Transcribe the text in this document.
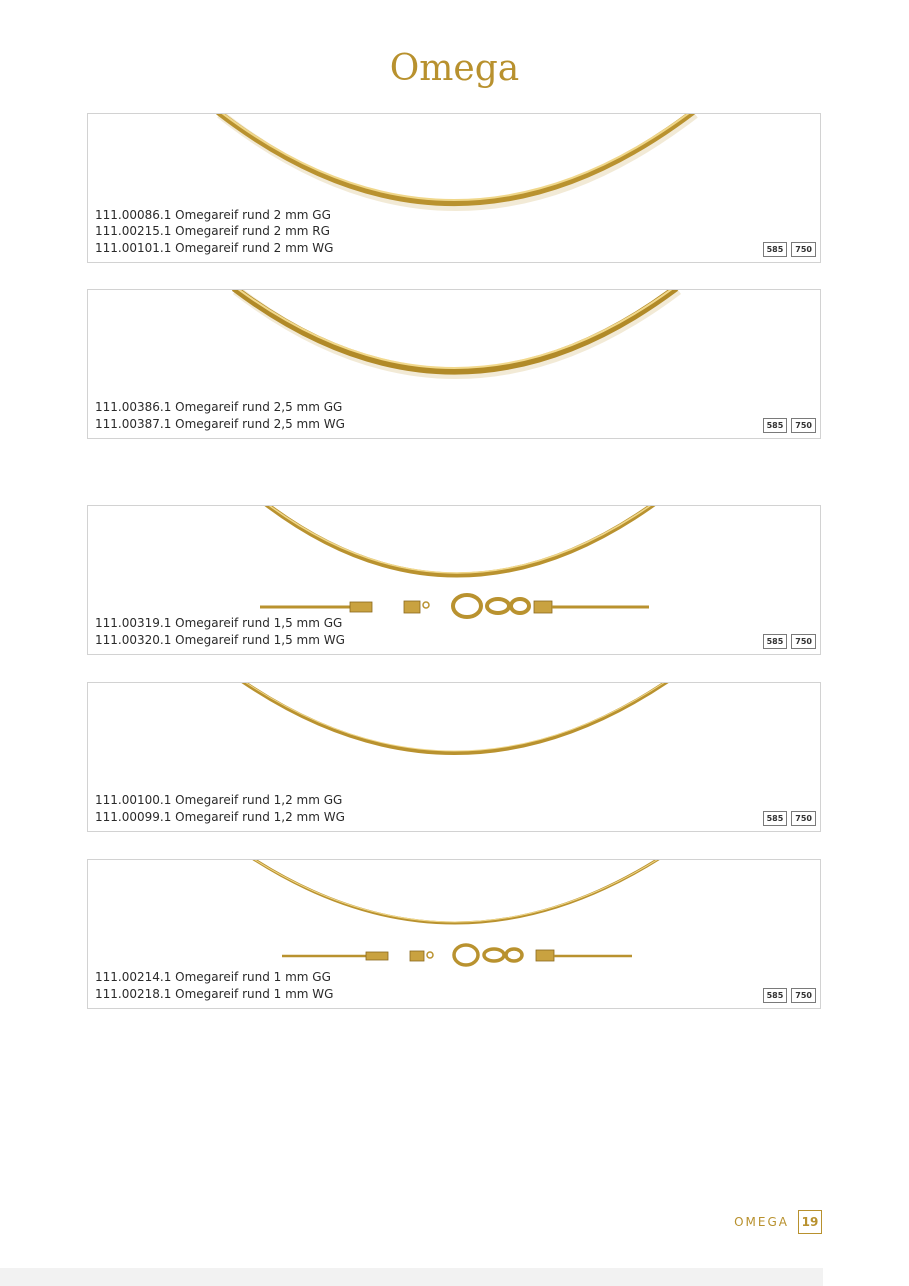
Omega
111.00086.1 Omegareif rund 2 mm GG
111.00215.1 Omegareif rund 2 mm RG
111.00101.1 Omegareif rund 2 mm WG	585	750
111.00386.1 Omegareif rund 2,5 mm GG
111.00387.1 Omegareif rund 2,5 mm WG	585	750
111.00319.1 Omegareif rund 1,5 mm GG
111.00320.1 Omegareif rund 1,5 mm WG	585	750
111.00100.1 Omegareif rund 1,2 mm GG
111.00099.1 Omegareif rund 1,2 mm WG	585	750
111.00214.1 Omegareif rund 1 mm GG
111.00218.1 Omegareif rund 1 mm WG	585	750
OMEGA	19
